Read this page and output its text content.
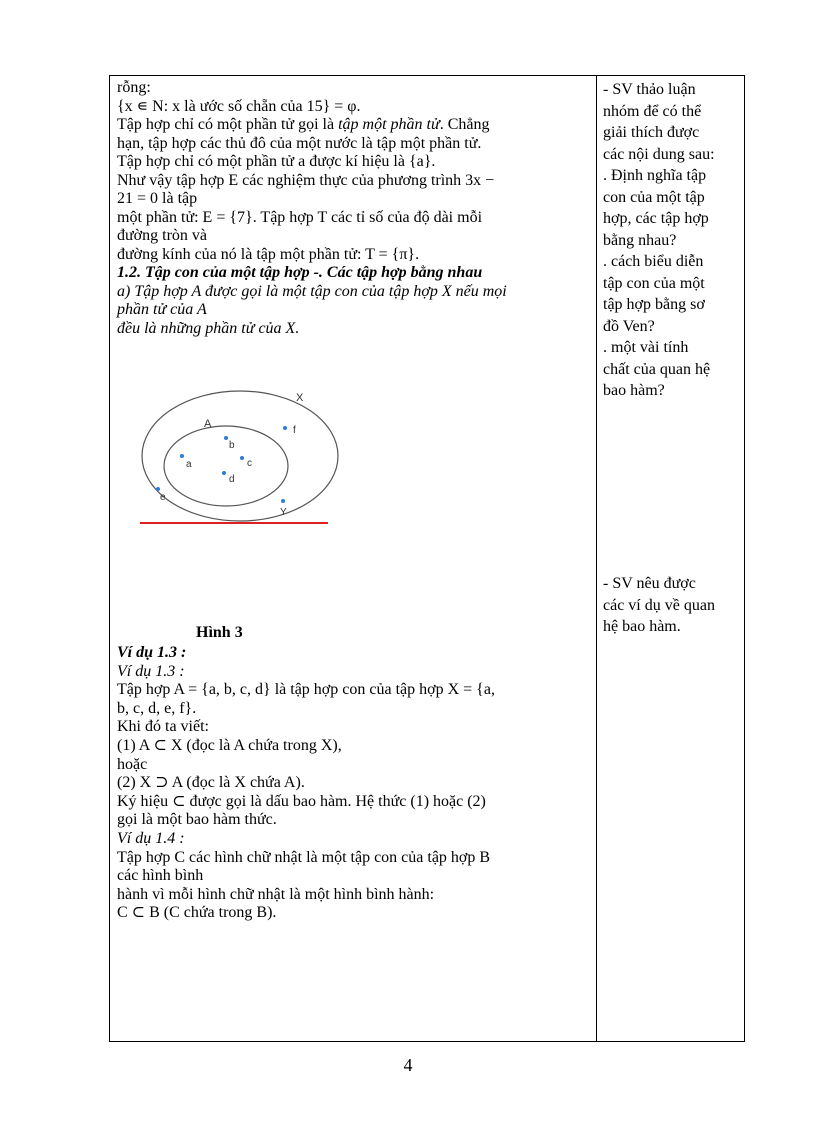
rỗng:
{x ∊ N: x là ước số chẵn của 15} = φ.
Tập hợp chỉ có một phần tử gọi là tập một phần tử. Chẳng
hạn, tập hợp các thủ đô của một nước là tập một phần tử.
Tập hợp chỉ có một phần tử a được kí hiệu là {a}.
Như vậy tập hợp E các nghiệm thực của phương trình 3x −
21 = 0 là tập
một phần tử: E = {7}. Tập hợp T các tỉ số của độ dài mỗi
đường tròn và
đường kính của nó là tập một phần tử: T = {π}.
1.2. Tập con của một tập hợp -. Các tập hợp bằng nhau
a) Tập hợp A được gọi là một tập con của tập hợp X nếu mọi
phần tử của A
đều là những phần tử của X.
X
A
b
f
a	c
d
e
Y
Hình 3
Ví dụ 1.3 :
Ví dụ 1.3 :
Tập hợp A = {a, b, c, d} là tập hợp con của tập hợp X = {a,
b, c, d, e, f}.
Khi đó ta viết:
(1) A ⊂ X (đọc là A chứa trong X),
hoặc
(2) X ⊃ A (đọc là X chứa A).
Ký hiệu ⊂ được gọi là dấu bao hàm. Hệ thức (1) hoặc (2)
gọi là một bao hàm thức.
Ví dụ 1.4 :
Tập hợp C các hình chữ nhật là một tập con của tập hợp B
các hình bình
hành vì mỗi hình chữ nhật là một hình bình hành:
C ⊂ B (C chứa trong B).
- SV thảo luận
nhóm để có thể
giải thích được
các nội dung sau:
. Định nghĩa tập
con của một tập
hợp, các tập hợp
bằng nhau?
. cách biểu diễn
tập con của một
tập hợp bằng sơ
đồ Ven?
. một vài tính
chất của quan hệ
bao hàm?
- SV nêu được
các ví dụ về quan
hệ bao hàm.
4
